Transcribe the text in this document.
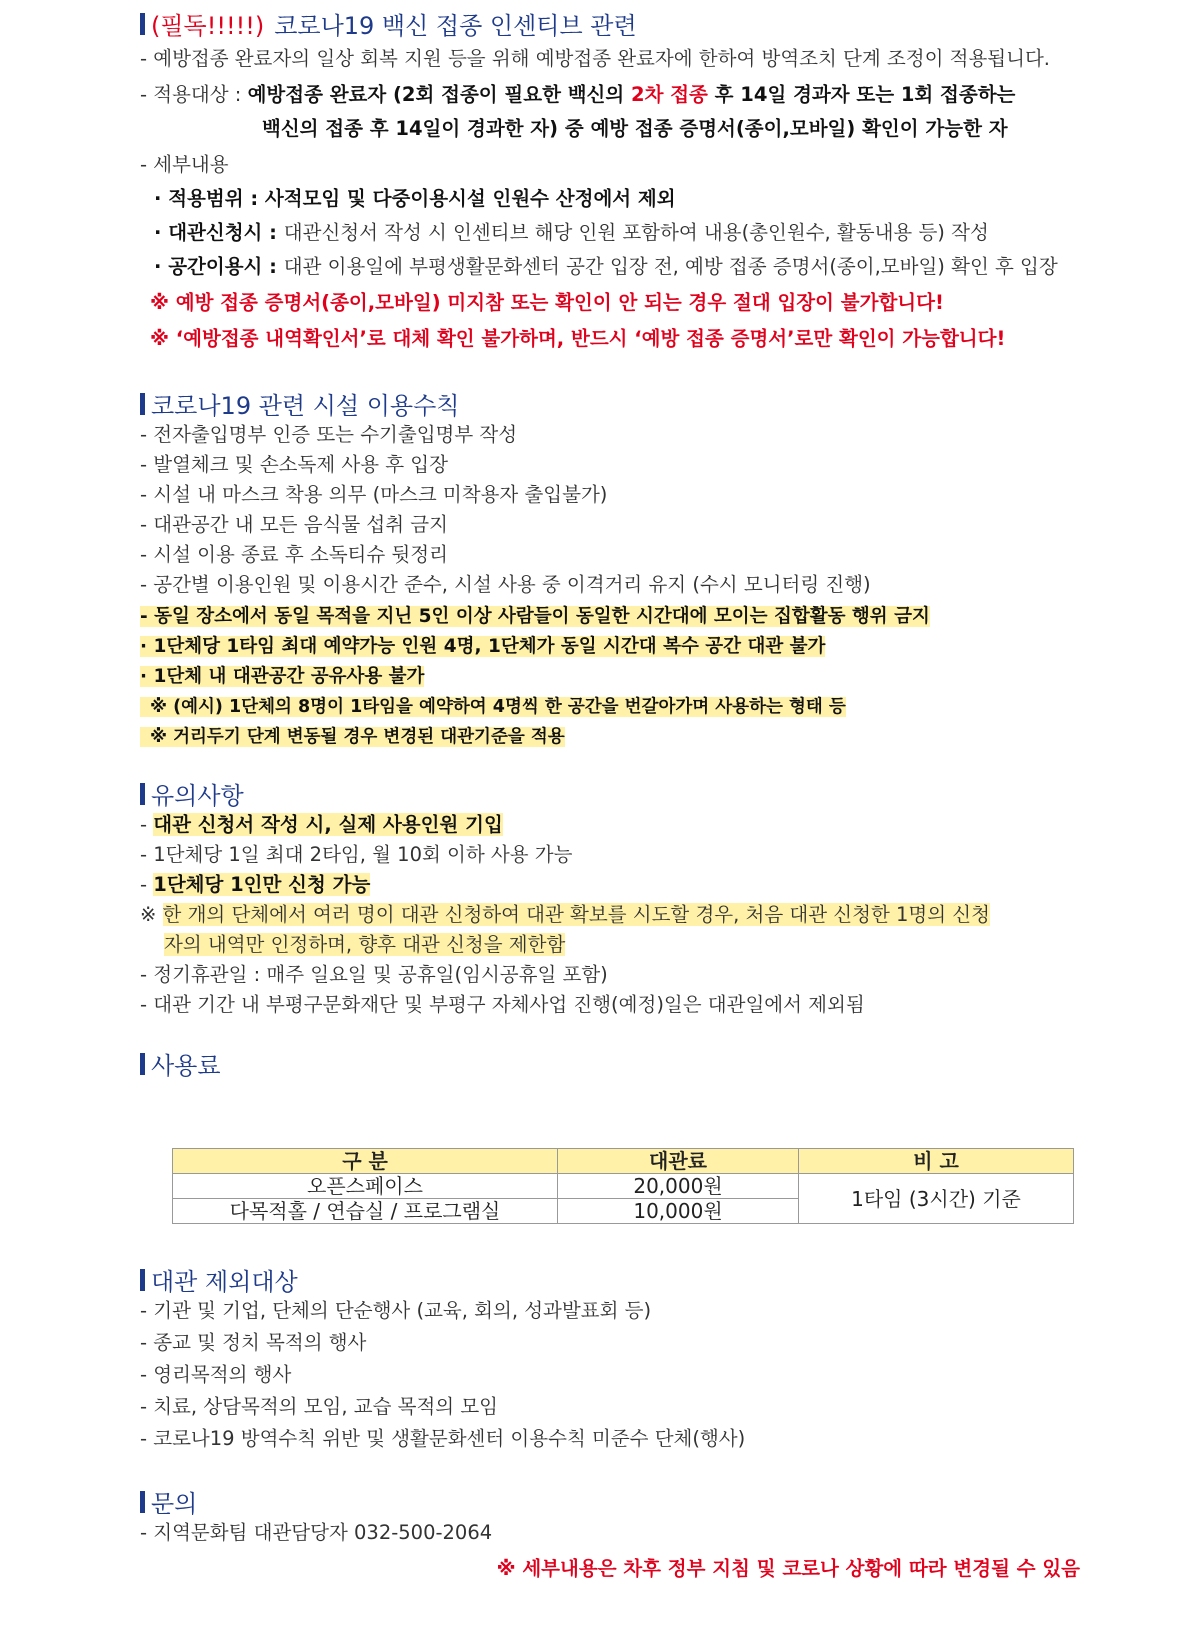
(필독!!!!!) 코로나19 백신 접종 인센티브 관련
- 예방접종 완료자의 일상 회복 지원 등을 위해 예방접종 완료자에 한하여 방역조치 단계 조정이 적용됩니다.
- 적용대상 : 예방접종 완료자 (2회 접종이 필요한 백신의 2차 접종 후 14일 경과자 또는 1회 접종하는
백신의 접종 후 14일이 경과한 자) 중 예방 접종 증명서(종이,모바일) 확인이 가능한 자
- 세부내용
· 적용범위 : 사적모임 및 다중이용시설 인원수 산정에서 제외
· 대관신청시 : 대관신청서 작성 시 인센티브 해당 인원 포함하여 내용(총인원수, 활동내용 등) 작성
· 공간이용시 : 대관 이용일에 부평생활문화센터 공간 입장 전, 예방 접종 증명서(종이,모바일) 확인 후 입장
※ 예방 접종 증명서(종이,모바일) 미지참 또는 확인이 안 되는 경우 절대 입장이 불가합니다!
※ ‘예방접종 내역확인서’로 대체 확인 불가하며, 반드시 ‘예방 접종 증명서’로만 확인이 가능합니다!
코로나19 관련 시설 이용수칙
- 전자출입명부 인증 또는 수기출입명부 작성
- 발열체크 및 손소독제 사용 후 입장
- 시설 내 마스크 착용 의무 (마스크 미착용자 출입불가)
- 대관공간 내 모든 음식물 섭취 금지
- 시설 이용 종료 후 소독티슈 뒷정리
- 공간별 이용인원 및 이용시간 준수, 시설 사용 중 이격거리 유지 (수시 모니터링 진행)
- 동일 장소에서 동일 목적을 지닌 5인 이상 사람들이 동일한 시간대에 모이는 집합활동 행위 금지
· 1단체당 1타임 최대 예약가능 인원 4명, 1단체가 동일 시간대 복수 공간 대관 불가
· 1단체 내 대관공간 공유사용 불가
※ (예시) 1단체의 8명이 1타임을 예약하여 4명씩 한 공간을 번갈아가며 사용하는 형태 등
※ 거리두기 단계 변동될 경우 변경된 대관기준을 적용
유의사항
- 대관 신청서 작성 시, 실제 사용인원 기입
- 1단체당 1일 최대 2타임, 월 10회 이하 사용 가능
- 1단체당 1인만 신청 가능
※ 한 개의 단체에서 여러 명이 대관 신청하여 대관 확보를 시도할 경우, 처음 대관 신청한 1명의 신청
자의 내역만 인정하며, 향후 대관 신청을 제한함
- 정기휴관일 : 매주 일요일 및 공휴일(임시공휴일 포함)
- 대관 기간 내 부평구문화재단 및 부평구 자체사업 진행(예정)일은 대관일에서 제외됨
사용료
구 분	대관료	비 고
오픈스페이스	20,000원	1타임 (3시간) 기준
다목적홀 / 연습실 / 프로그램실	10,000원	
대관 제외대상
- 기관 및 기업, 단체의 단순행사 (교육, 회의, 성과발표회 등)
- 종교 및 정치 목적의 행사
- 영리목적의 행사
- 치료, 상담목적의 모임, 교습 목적의 모임
- 코로나19 방역수칙 위반 및 생활문화센터 이용수칙 미준수 단체(행사)
문의
- 지역문화팀 대관담당자 032-500-2064
※ 세부내용은 차후 정부 지침 및 코로나 상황에 따라 변경될 수 있음
